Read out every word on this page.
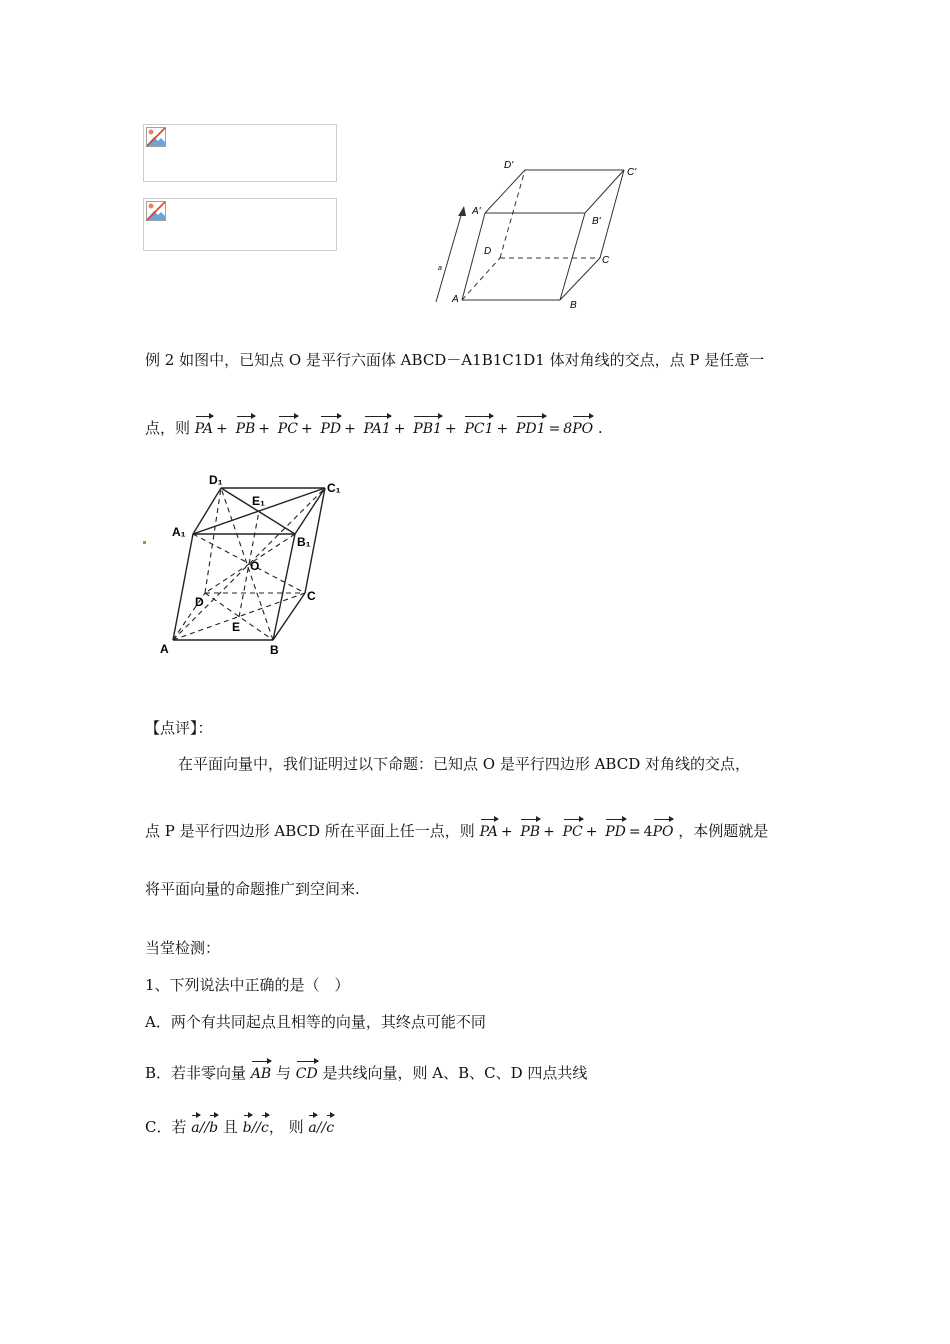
a
A
B
C
D
A'
B'
C'
D'
例 2 如图中，已知点 O 是平行六面体 ABCD－A1B1C1D1 体对角线的交点，点 P 是任意一
点，则 PA + PB + PC + PD + PA1 + PB1 + PC1 + PD1 = 8PO .
A	B
C
D
A₁
B₁
C₁
D₁
E
E₁
O
【点评】：
在平面向量中，我们证明过以下命题：已知点 O 是平行四边形 ABCD 对角线的交点，
点 P 是平行四边形 ABCD 所在平面上任一点，则 PA + PB + PC + PD = 4PO ，本例题就是
将平面向量的命题推广到空间来.
当堂检测：
1、下列说法中正确的是（　）
A．两个有共同起点且相等的向量，其终点可能不同
B．若非零向量 AB 与 CD 是共线向量，则 A、B、C、D 四点共线
C．若 a//b 且 b//c， 则 a//c
